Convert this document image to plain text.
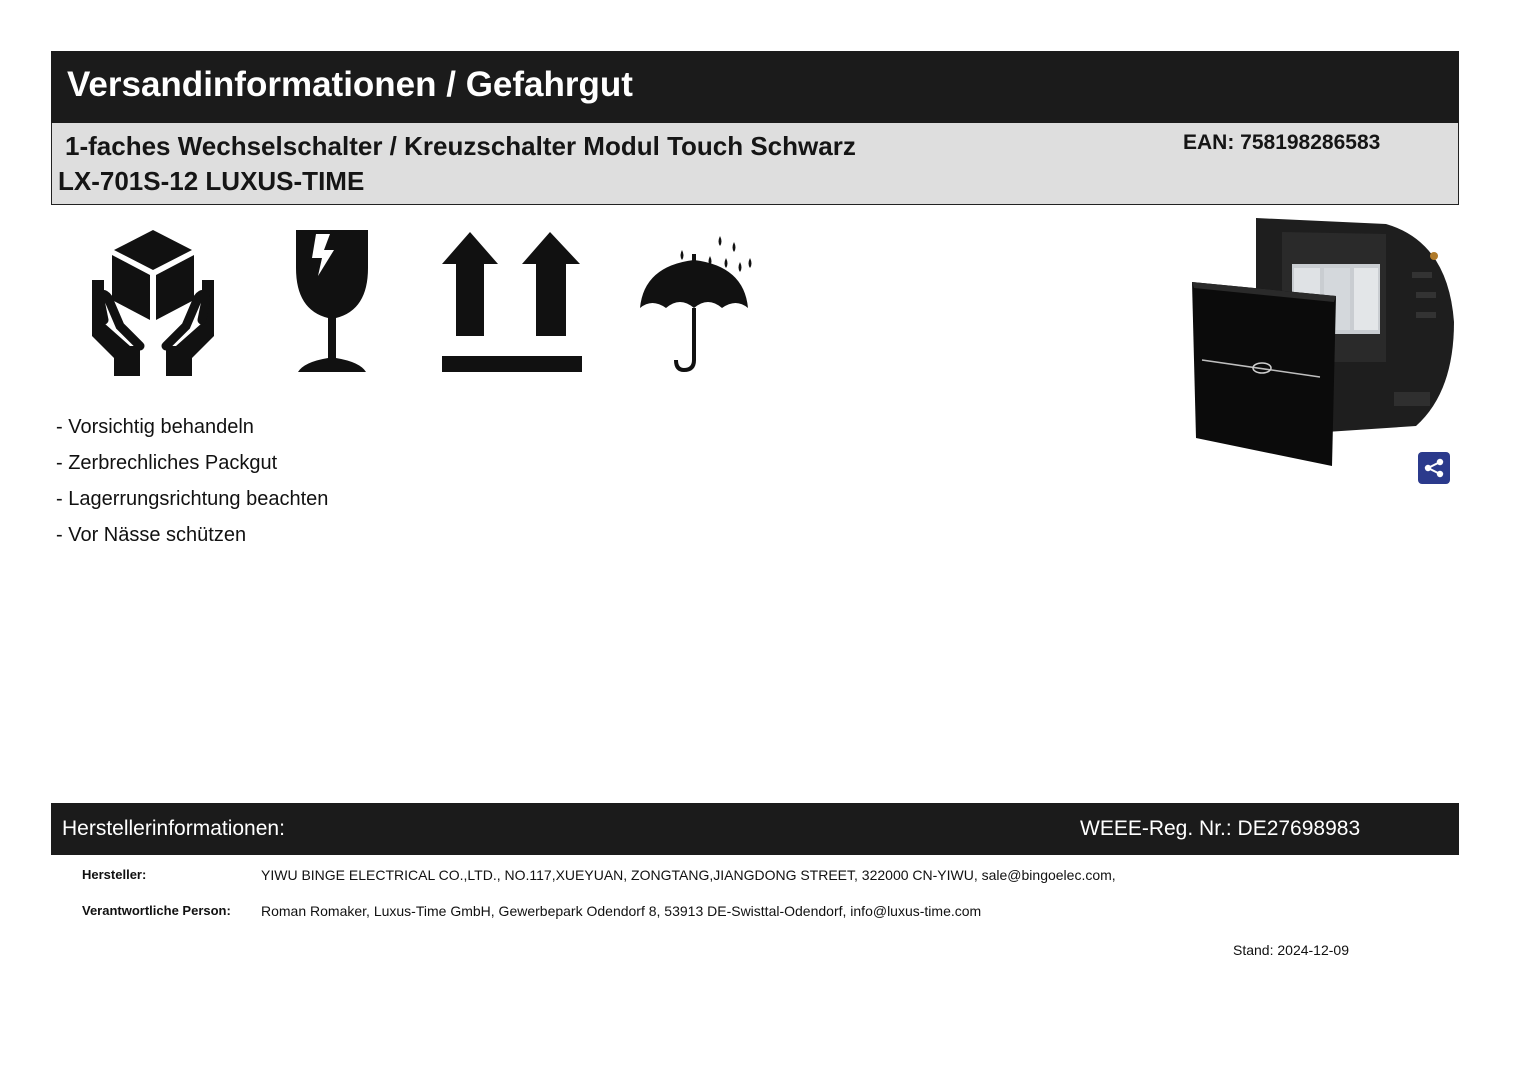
Versandinformationen / Gefahrgut
1-faches Wechselschalter / Kreuzschalter Modul Touch Schwarz
LX-701S-12 LUXUS-TIME
EAN: 758198286583
- Vorsichtig behandeln
- Zerbrechliches Packgut
- Lagerrungsrichtung beachten
- Vor Nässe schützen
Herstellerinformationen:	WEEE-Reg. Nr.: DE27698983
Hersteller:	YIWU BINGE ELECTRICAL CO.,LTD., NO.117,XUEYUAN, ZONGTANG,JIANGDONG STREET, 322000 CN-YIWU, sale@bingoelec.com,
Verantwortliche Person: Roman Romaker, Luxus-Time GmbH, Gewerbepark Odendorf 8, 53913 DE-Swisttal-Odendorf, info@luxus-time.com
Stand: 2024-12-09
